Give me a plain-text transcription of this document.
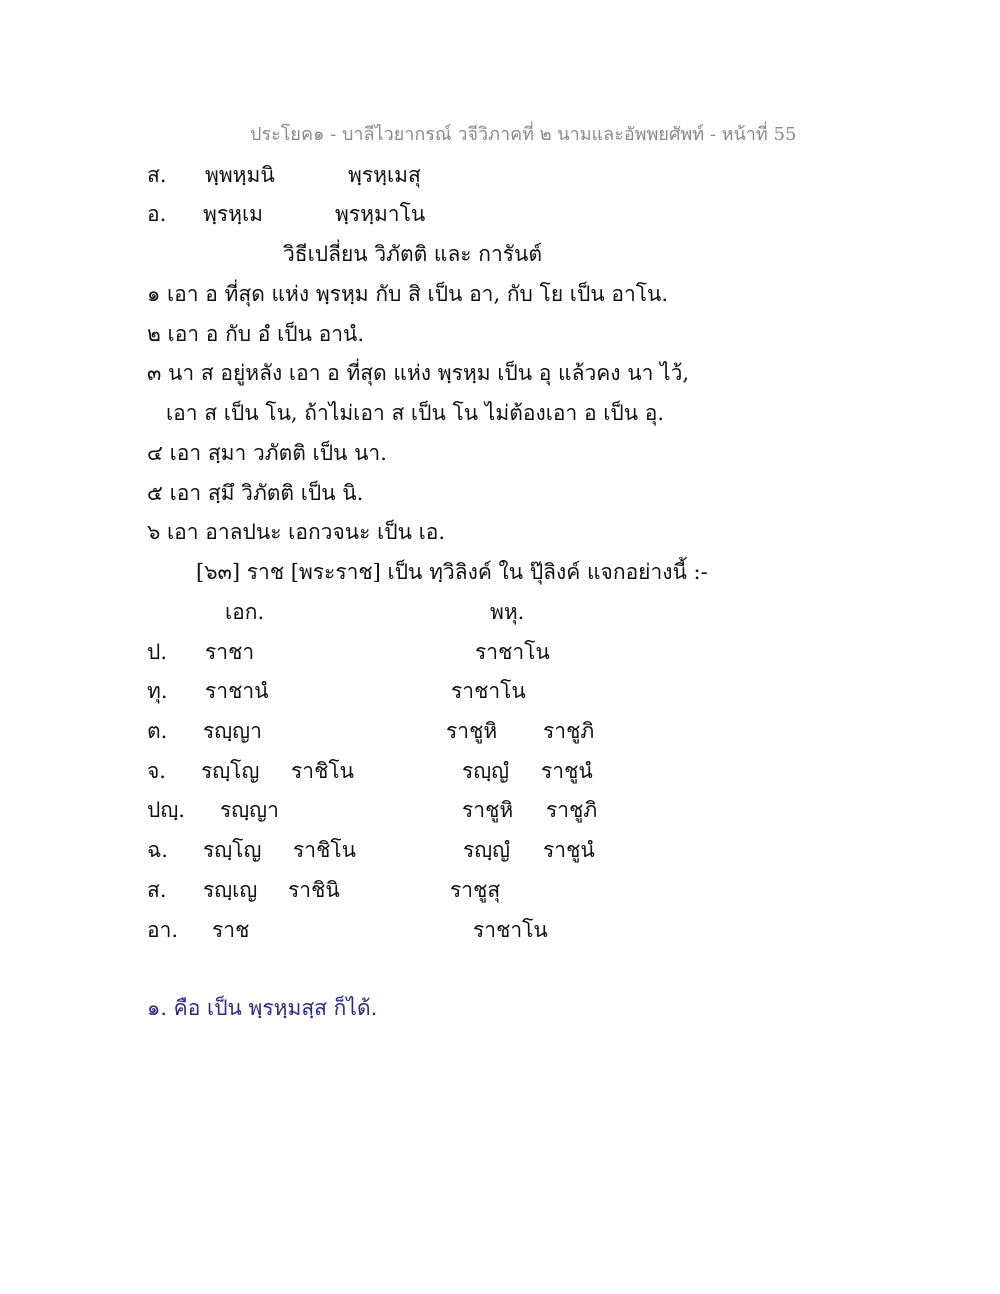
ประโยค๑ - บาลีไวยากรณ์ วจีวิภาคที่ ๒ นามและอัพพยศัพท์ - หน้าที่ 55
ส. พฺพหฺมนิ	พฺรหฺเมสุ
อ. พฺรหฺเม	พฺรหฺมาโน
วิธีเปลี่ยน วิภัตติ และ การันต์
๑ เอา อ ที่สุด แห่ง พฺรหฺม กับ สิ เป็น อา, กับ โย เป็น อาโน.
๒ เอา อ กับ อํ เป็น อานํ.
๓ นา ส อยู่หลัง เอา อ ที่สุด แห่ง พฺรหฺม เป็น อุ แล้วคง นา ไว้,
เอา ส เป็น โน, ถ้าไม่เอา ส เป็น โน ไม่ต้องเอา อ เป็น อุ.
๔ เอา สฺมา วภัตติ เป็น นา.
๕ เอา สฺมึ วิภัตติ เป็น นิ.
๖ เอา อาลปนะ เอกวจนะ เป็น เอ.
[๖๓] ราช [พระราช] เป็น ทฺวิลิงค์ ใน ปุ๊ลิงค์ แจกอย่างนี้ :-
เอก.	พหุ.
ป. ราชา	ราชาโน
ทุ. ราชานํ	ราชาโน
ต. รญฺญา	ราชูหิ ราชูภิ
จ. รญฺโญ ราชิโน	รญฺญํ ราชูนํ
ปญฺ. รญฺญา	ราชูหิ ราชูภิ
ฉ. รญฺโญ ราชิโน	รญฺญํ ราชูนํ
ส. รญฺเญ ราชินิ	ราชูสุ
อา. ราช	ราชาโน
๑. คือ เป็น พฺรหฺมสฺส ก็ได้.
